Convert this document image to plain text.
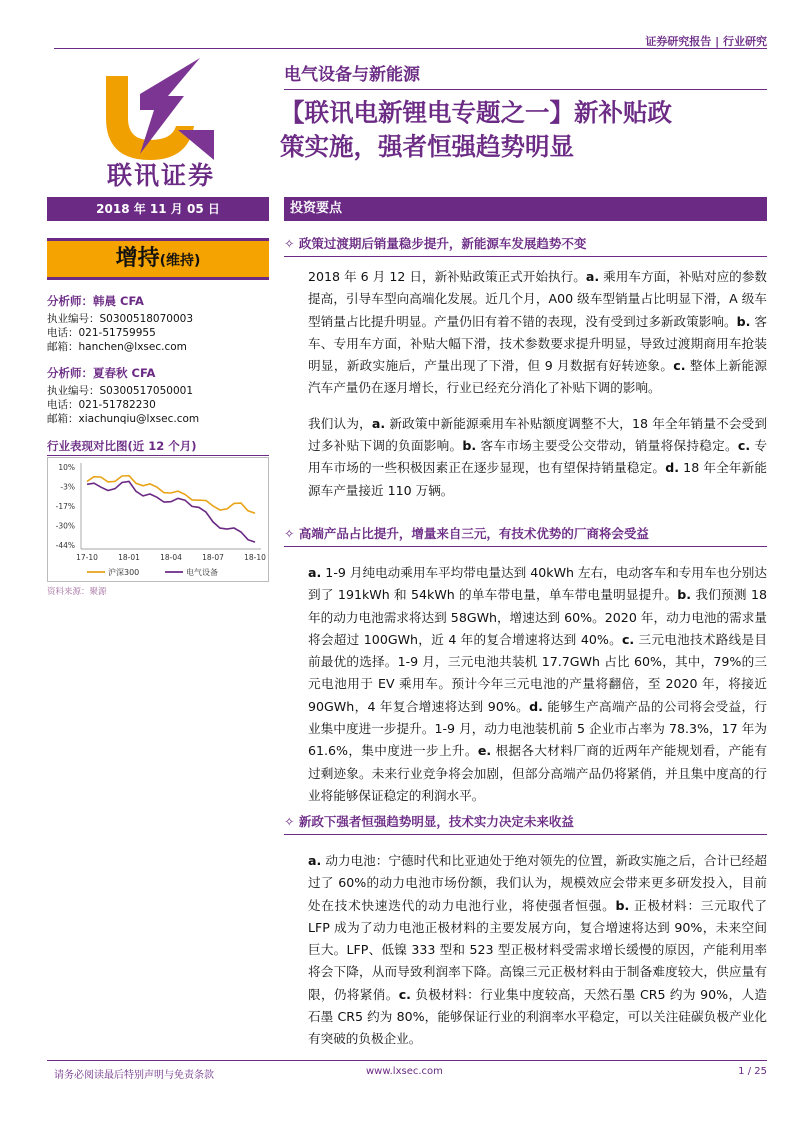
证券研究报告 | 行业研究
联讯证券
电气设备与新能源
【联讯电新锂电专题之一】新补贴政
策实施，强者恒强趋势明显
2018 年 11 月 05 日	投资要点
增持(维持)
分析师：韩晨 CFA
执业编号：S0300518070003
电话：021-51759955
邮箱：hanchen@lxsec.com
分析师：夏春秋 CFA
执业编号：S0300517050001
电话：021-51782230
邮箱：xiachunqiu@lxsec.com
行业表现对比图(近 12 个月)
10%
-3%
-17%
-30%
-44%
17-10	18-01	18-04	18-07	18-10
沪深300	电气设备
资料来源：聚源
✧ 政策过渡期后销量稳步提升，新能源车发展趋势不变
2018 年 6 月 12 日，新补贴政策正式开始执行。a. 乘用车方面，补贴对应的参数提高，引导车型向高端化发展。近几个月，A00 级车型销量占比明显下滑，A 级车型销量占比提升明显。产量仍旧有着不错的表现，没有受到过多新政策影响。b. 客车、专用车方面，补贴大幅下滑，技术参数要求提升明显，导致过渡期商用车抢装明显，新政实施后，产量出现了下滑，但 9 月数据有好转迹象。c. 整体上新能源汽车产量仍在逐月增长，行业已经充分消化了补贴下调的影响。
我们认为，a. 新政策中新能源乘用车补贴额度调整不大，18 年全年销量不会受到过多补贴下调的负面影响。b. 客车市场主要受公交带动，销量将保持稳定。c. 专用车市场的一些积极因素正在逐步显现，也有望保持销量稳定。d. 18 年全年新能源车产量接近 110 万辆。
✧ 高端产品占比提升，增量来自三元，有技术优势的厂商将会受益
a. 1-9 月纯电动乘用车平均带电量达到 40kWh 左右，电动客车和专用车也分别达到了 191kWh 和 54kWh 的单车带电量，单车带电量明显提升。b. 我们预测 18 年的动力电池需求将达到 58GWh，增速达到 60%。2020 年，动力电池的需求量将会超过 100GWh，近 4 年的复合增速将达到 40%。c. 三元电池技术路线是目前最优的选择。1-9 月，三元电池共装机 17.7GWh 占比 60%，其中，79%的三元电池用于 EV 乘用车。预计今年三元电池的产量将翻倍，至 2020 年，将接近 90GWh，4 年复合增速将达到 90%。d. 能够生产高端产品的公司将会受益，行业集中度进一步提升。1-9 月，动力电池装机前 5 企业市占率为 78.3%，17 年为 61.6%，集中度进一步上升。e. 根据各大材料厂商的近两年产能规划看，产能有过剩迹象。未来行业竞争将会加剧，但部分高端产品仍将紧俏，并且集中度高的行业将能够保证稳定的利润水平。
✧ 新政下强者恒强趋势明显，技术实力决定未来收益
a. 动力电池：宁德时代和比亚迪处于绝对领先的位置，新政实施之后，合计已经超过了 60%的动力电池市场份额，我们认为，规模效应会带来更多研发投入，目前处在技术快速迭代的动力电池行业，将使强者恒强。b. 正极材料：三元取代了 LFP 成为了动力电池正极材料的主要发展方向，复合增速将达到 90%，未来空间巨大。LFP、低镍 333 型和 523 型正极材料受需求增长缓慢的原因，产能利用率将会下降，从而导致利润率下降。高镍三元正极材料由于制备难度较大，供应量有限，仍将紧俏。c. 负极材料：行业集中度较高，天然石墨 CR5 约为 90%，人造石墨 CR5 约为 80%，能够保证行业的利润率水平稳定，可以关注硅碳负极产业化有突破的负极企业。
请务必阅读最后特别声明与免责条款	www.lxsec.com	1 / 25
